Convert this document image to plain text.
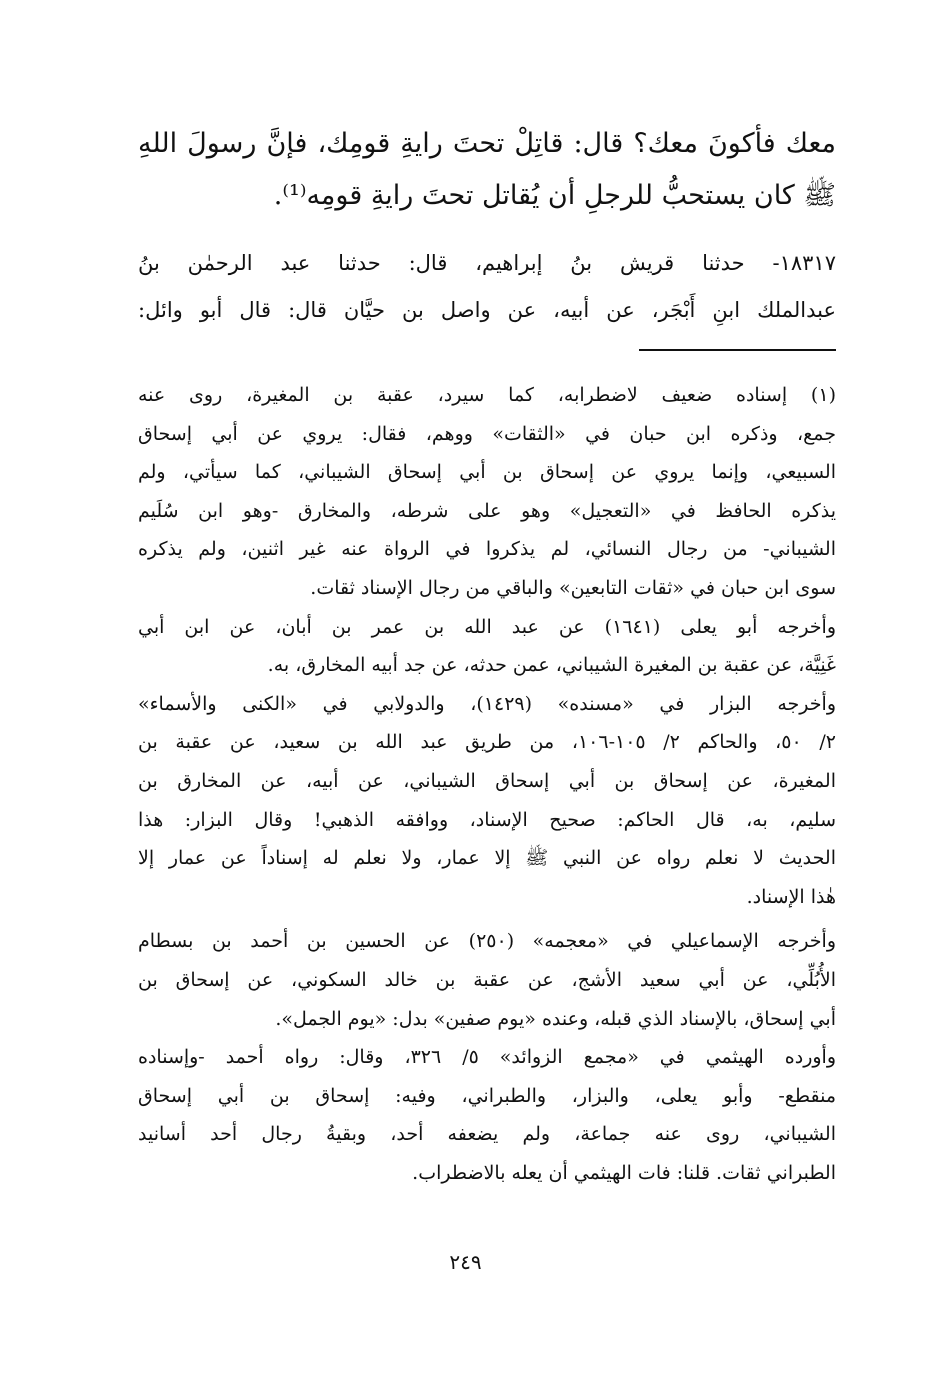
معك فأكونَ معك؟ قال: قاتِلْ تحتَ رايةِ قومِك، فإنَّ رسولَ اللهِ
ﷺ كان يستحبُّ للرجلِ أن يُقاتل تحتَ رايةِ قومِه⁽¹⁾.
١٨٣١٧- حدثنا قريش بنُ إبراهيم، قال: حدثنا عبد الرحمٰن بنُ
عبدالملك ابنِ أَبْجَر، عن أبيه، عن واصل بن حيَّان قال: قال أبو وائل:
(١) إسناده ضعيف لاضطرابه، كما سيرد، عقبة بن المغيرة، روى عنه
جمع، وذكره ابن حبان في «الثقات» ووهم، فقال: يروي عن أبي إسحاق
السبيعي، وإنما يروي عن إسحاق بن أبي إسحاق الشيباني، كما سيأتي، ولم
يذكره الحافظ في «التعجيل» وهو على شرطه، والمخارق -وهو ابن سُلَيم
الشيباني- من رجال النسائي، لم يذكروا في الرواة عنه غير اثنين، ولم يذكره
سوى ابن حبان في «ثقات التابعين» والباقي من رجال الإسناد ثقات.
وأخرجه أبو يعلى (١٦٤١) عن عبد الله بن عمر بن أبان، عن ابن أبي
غَنِيَّة، عن عقبة بن المغيرة الشيباني، عمن حدثه، عن جد أبيه المخارق، به.
وأخرجه البزار في «مسنده» (١٤٢٩)، والدولابي في «الكنى والأسماء»
٢/ ٥٠، والحاكم ٢/ ١٠٥-١٠٦، من طريق عبد الله بن سعيد، عن عقبة بن
المغيرة، عن إسحاق بن أبي إسحاق الشيباني، عن أبيه، عن المخارق بن
سليم، به، قال الحاكم: صحيح الإسناد، ووافقه الذهبي! وقال البزار: هذا
الحديث لا نعلم رواه عن النبي ﷺ إلا عمار، ولا نعلم له إسناداً عن عمار إلا
هٰذا الإسناد.
وأخرجه الإسماعيلي في «معجمه» (٢٥٠) عن الحسين بن أحمد بن بسطام
الأُبُلِّي، عن أبي سعيد الأشج، عن عقبة بن خالد السكوني، عن إسحاق بن
أبي إسحاق، بالإسناد الذي قبله، وعنده «يوم صفين» بدل: «يوم الجمل».
وأورده الهيثمي في «مجمع الزوائد» ٥/ ٣٢٦، وقال: رواه أحمد -وإسناده
منقطع- وأبو يعلى، والبزار، والطبراني، وفيه: إسحاق بن أبي إسحاق
الشيباني، روى عنه جماعة، ولم يضعفه أحد، وبقيةُ رجال أحد أسانيد
الطبراني ثقات. قلنا: فات الهيثمي أن يعله بالاضطراب.
٢٤٩
